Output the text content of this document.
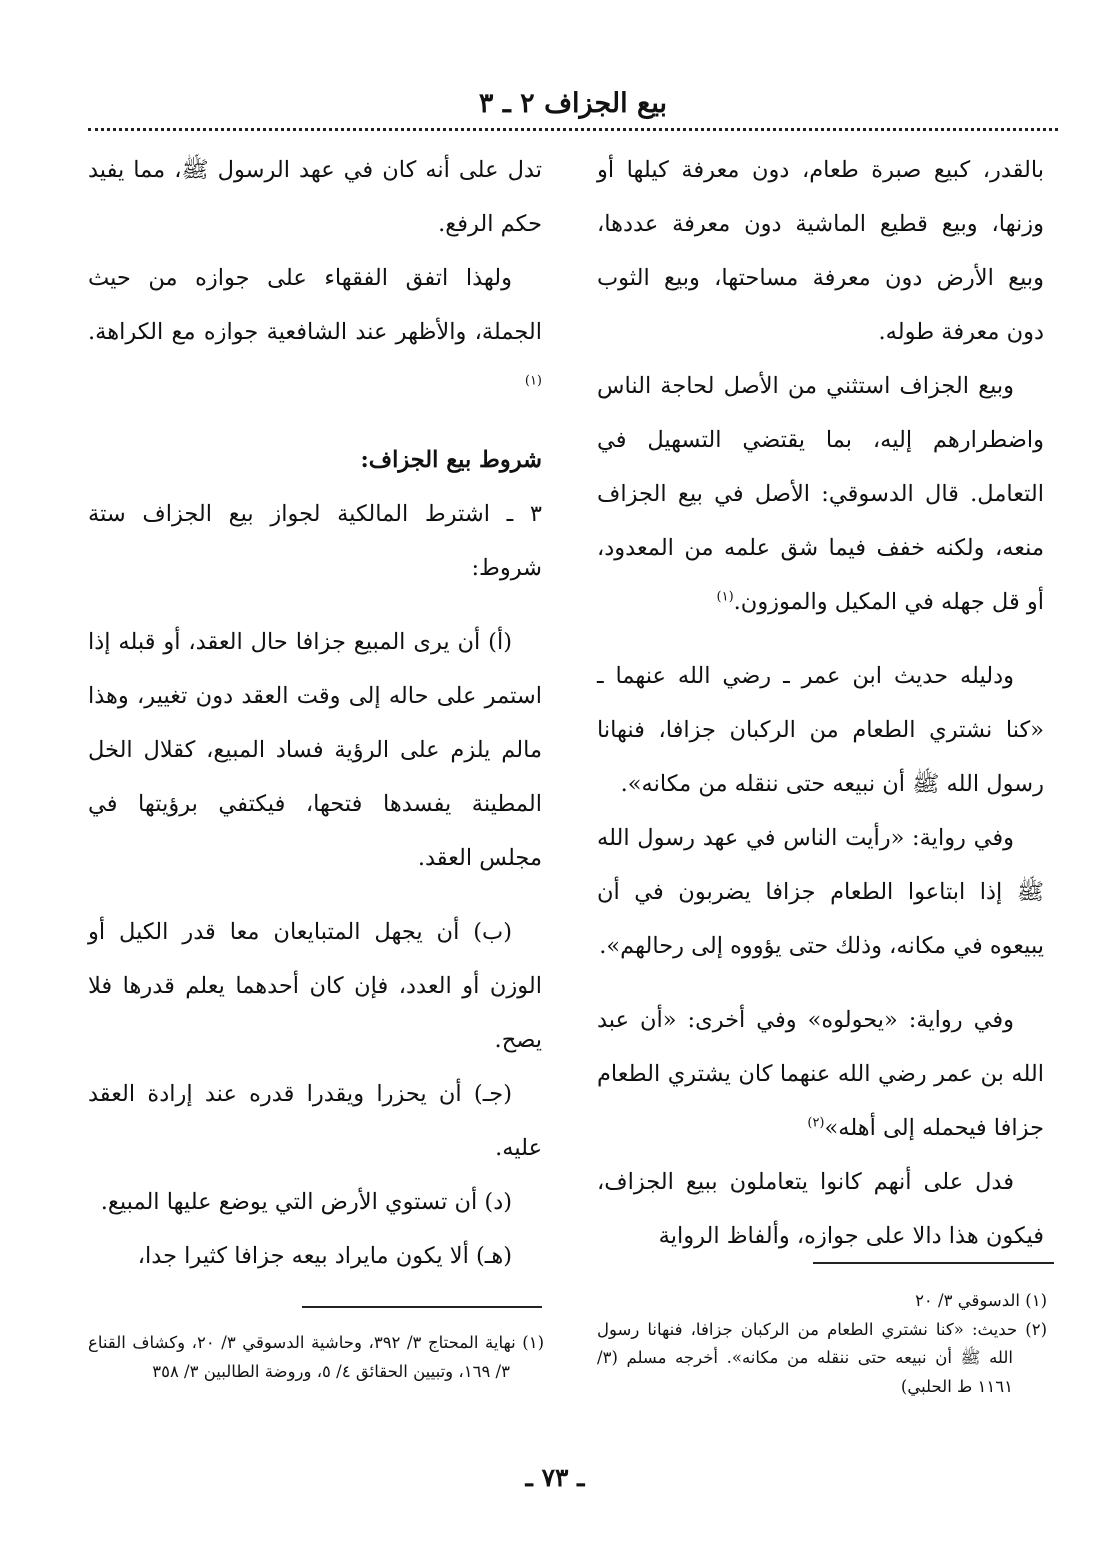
بيع الجزاف ٢ ـ ٣

بالقدر، كبيع صبرة طعام، دون معرفة كيلها أو وزنها، وبيع قطيع الماشية دون معرفة عددها، وبيع الأرض دون معرفة مساحتها، وبيع الثوب دون معرفة طوله.

وبيع الجزاف استثني من الأصل لحاجة الناس واضطرارهم إليه، بما يقتضي التسهيل في التعامل. قال الدسوقي: الأصل في بيع الجزاف منعه، ولكنه خفف فيما شق علمه من المعدود، أو قل جهله في المكيل والموزون.$^{(١)}$

ودليله حديث ابن عمر ـ رضي الله عنهما ـ «كنا نشتري الطعام من الركبان جزافا، فنهانا رسول الله ﷺ أن نبيعه حتى ننقله من مكانه».

وفي رواية: «رأيت الناس في عهد رسول الله ﷺ إذا ابتاعوا الطعام جزافا يضربون في أن يبيعوه في مكانه، وذلك حتى يؤووه إلى رحالهم».

وفي رواية: «يحولوه» وفي أخرى: «أن عبد الله بن عمر رضي الله عنهما كان يشتري الطعام جزافا فيحمله إلى أهله»$^{(٢)}$

فدل على أنهم كانوا يتعاملون ببيع الجزاف، فيكون هذا دالا على جوازه، وألفاظ الرواية

تدل على أنه كان في عهد الرسول ﷺ، مما يفيد حكم الرفع.

ولهذا اتفق الفقهاء على جوازه من حيث الجملة، والأظهر عند الشافعية جوازه مع الكراهة.$^{(١)}$

شروط بيع الجزاف:

٣ ـ اشترط المالكية لجواز بيع الجزاف ستة شروط:

(أ) أن يرى المبيع جزافا حال العقد، أو قبله إذا استمر على حاله إلى وقت العقد دون تغيير، وهذا مالم يلزم على الرؤية فساد المبيع، كقلال الخل المطينة يفسدها فتحها، فيكتفي برؤيتها في مجلس العقد.

(ب) أن يجهل المتبايعان معا قدر الكيل أو الوزن أو العدد، فإن كان أحدهما يعلم قدرها فلا يصح.

(جـ) أن يحزرا ويقدرا قدره عند إرادة العقد عليه.

(د) أن تستوي الأرض التي يوضع عليها المبيع.

(هـ) ألا يكون مايراد بيعه جزافا كثيرا جدا،

(١) الدسوقي ٣/ ٢٠

(٢) حديث: «كنا نشتري الطعام من الركبان جزافا، فنهانا رسول الله ﷺ أن نبيعه حتى ننقله من مكانه». أخرجه مسلم (٣/ ١١٦١ ط الحلبي)

(١) نهاية المحتاج ٣/ ٣٩٢، وحاشية الدسوقي ٣/ ٢٠، وكشاف القناع ٣/ ١٦٩، وتبيين الحقائق ٤/ ٥، وروضة الطالبين ٣/ ٣٥٨

ـ ٧٣ ـ
